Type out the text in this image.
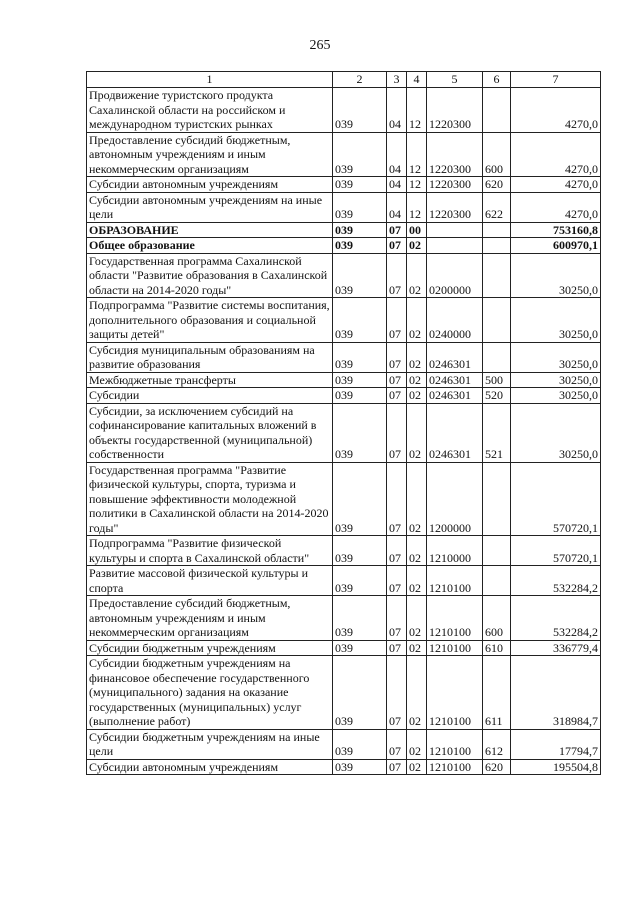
265
1	2	3	4	5	6	7
Продвижение туристского продукта Сахалинской области на российском и международном туристских рынках	039	04	12	1220300		4270,0
Предоставление субсидий бюджетным, автономным учреждениям и иным некоммерческим организациям	039	04	12	1220300	600	4270,0
Субсидии автономным учреждениям	039	04	12	1220300	620	4270,0
Субсидии автономным учреждениям на иные цели	039	04	12	1220300	622	4270,0
ОБРАЗОВАНИЕ	039	07	00			753160,8
Общее образование	039	07	02			600970,1
Государственная программа Сахалинской области "Развитие образования в Сахалинской области на 2014-2020 годы"	039	07	02	0200000		30250,0
Подпрограмма "Развитие системы воспитания, дополнительного образования и социальной защиты детей"	039	07	02	0240000		30250,0
Субсидия муниципальным образованиям на развитие образования	039	07	02	0246301		30250,0
Межбюджетные трансферты	039	07	02	0246301	500	30250,0
Субсидии	039	07	02	0246301	520	30250,0
Субсидии, за исключением субсидий на софинансирование капитальных вложений в объекты государственной (муниципальной) собственности	039	07	02	0246301	521	30250,0
Государственная программа "Развитие физической культуры, спорта, туризма и повышение эффективности молодежной политики в Сахалинской области на 2014-2020 годы"	039	07	02	1200000		570720,1
Подпрограмма "Развитие физической культуры и спорта в Сахалинской области"	039	07	02	1210000		570720,1
Развитие массовой физической культуры и спорта	039	07	02	1210100		532284,2
Предоставление субсидий бюджетным, автономным учреждениям и иным некоммерческим организациям	039	07	02	1210100	600	532284,2
Субсидии бюджетным учреждениям	039	07	02	1210100	610	336779,4
Субсидии бюджетным учреждениям на финансовое обеспечение государственного (муниципального) задания на оказание государственных (муниципальных) услуг (выполнение работ)	039	07	02	1210100	611	318984,7
Субсидии бюджетным учреждениям на иные цели	039	07	02	1210100	612	17794,7
Субсидии автономным учреждениям	039	07	02	1210100	620	195504,8
